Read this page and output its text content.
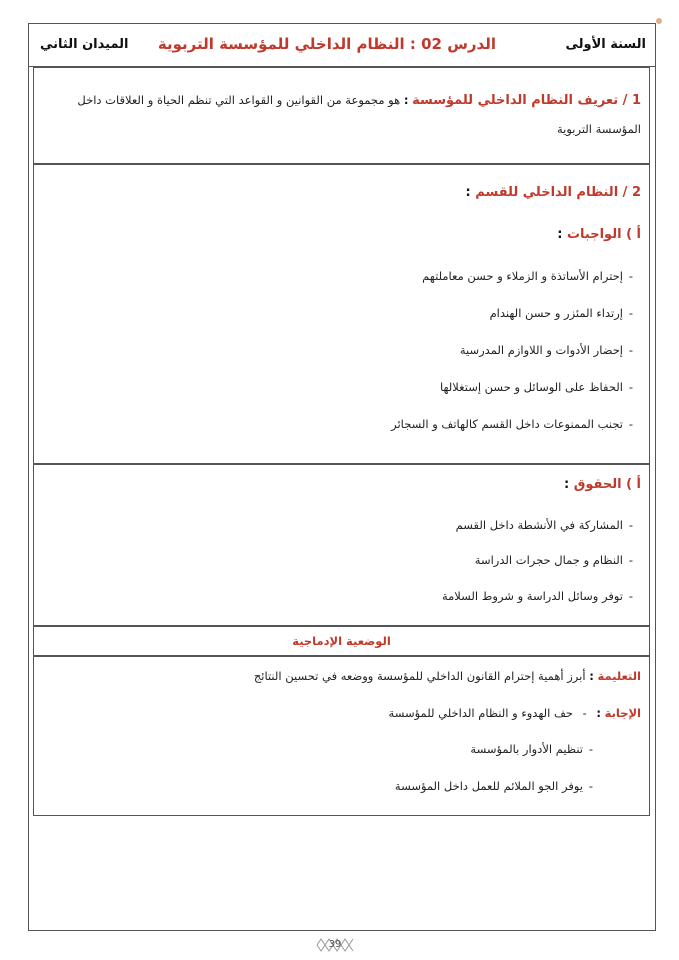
السنة الأولى
الدرس 02 : النظام الداخلي للمؤسسة التربوية
الميدان الثاني
1 / تعريف النظام الداخلي للمؤسسة : هو مجموعة من القوانين و القواعد التي تنظم الحياة و العلاقات داخل المؤسسة التربوية
2 / النظام الداخلي للقسم :
أ ) الواجبات :
-إحترام الأساتذة و الزملاء و حسن معاملتهم
-إرتداء المئزر و حسن الهندام
-إحضار الأدوات و اللاوازم المدرسية
-الحفاظ على الوسائل و حسن إستغلالها
-تجنب الممنوعات داخل القسم كالهاتف و السجائر
أ ) الحقوق :
-المشاركة في الأنشطة داخل القسم
-النظام و جمال حجرات الدراسة
-توفر وسائل الدراسة و شروط السلامة
الوضعية الإدماجية
التعليمة : أبرز أهمية إحترام القانون الداخلي للمؤسسة ووضعه في تحسين النتائج
الإجابة : - حف الهدوء و النظام الداخلي للمؤسسة
-تنظيم الأدوار بالمؤسسة
-يوفر الجو الملائم للعمل داخل المؤسسة
39
